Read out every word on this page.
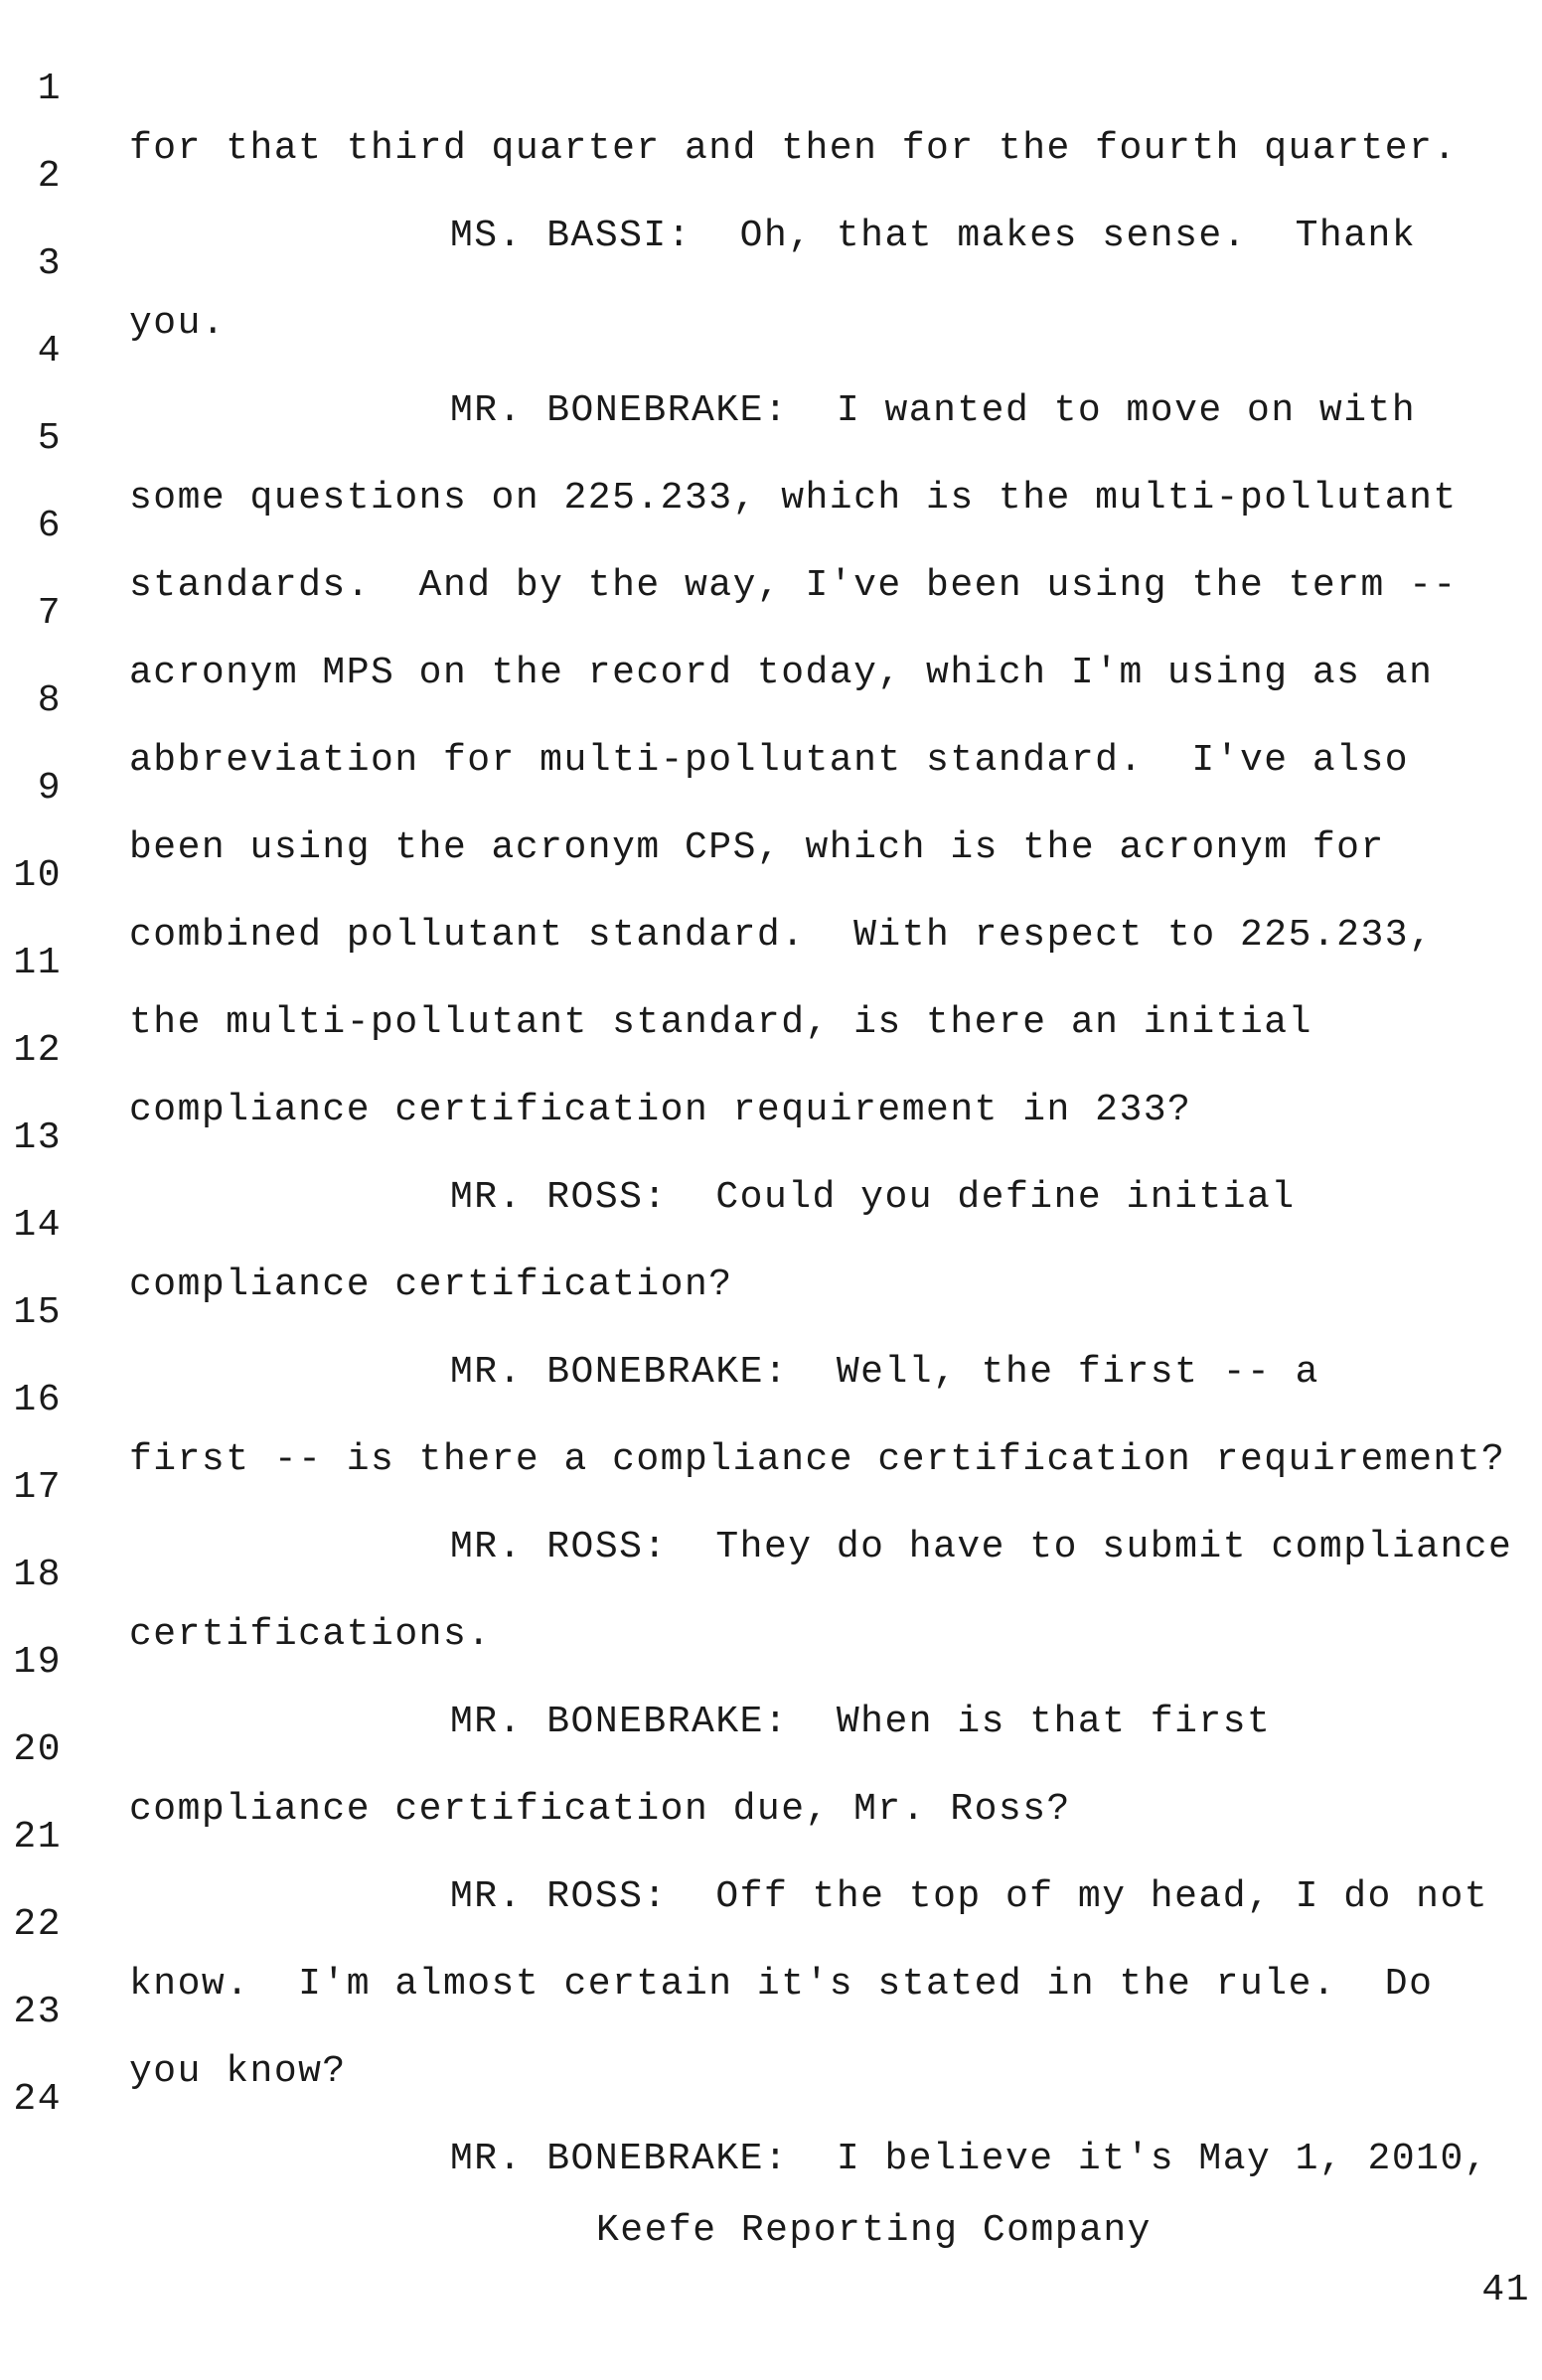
1

for that third quarter and then for the fourth quarter.

2

MS. BASSI:  Oh, that makes sense.  Thank

3

you.

4

MR. BONEBRAKE:  I wanted to move on with

5

some questions on 225.233, which is the multi-pollutant

6

standards.  And by the way, I've been using the term --

7

acronym MPS on the record today, which I'm using as an

8

abbreviation for multi-pollutant standard.  I've also

9

been using the acronym CPS, which is the acronym for

10

combined pollutant standard.  With respect to 225.233,

11

the multi-pollutant standard, is there an initial

12

compliance certification requirement in 233?

13

MR. ROSS:  Could you define initial

14

compliance certification?

15

MR. BONEBRAKE:  Well, the first -- a

16

first -- is there a compliance certification requirement?

17

MR. ROSS:  They do have to submit compliance

18

certifications.

19

MR. BONEBRAKE:  When is that first

20

compliance certification due, Mr. Ross?

21

MR. ROSS:  Off the top of my head, I do not

22

know.  I'm almost certain it's stated in the rule.  Do

23

you know?

24

MR. BONEBRAKE:  I believe it's May 1, 2010,

Keefe Reporting Company

41
